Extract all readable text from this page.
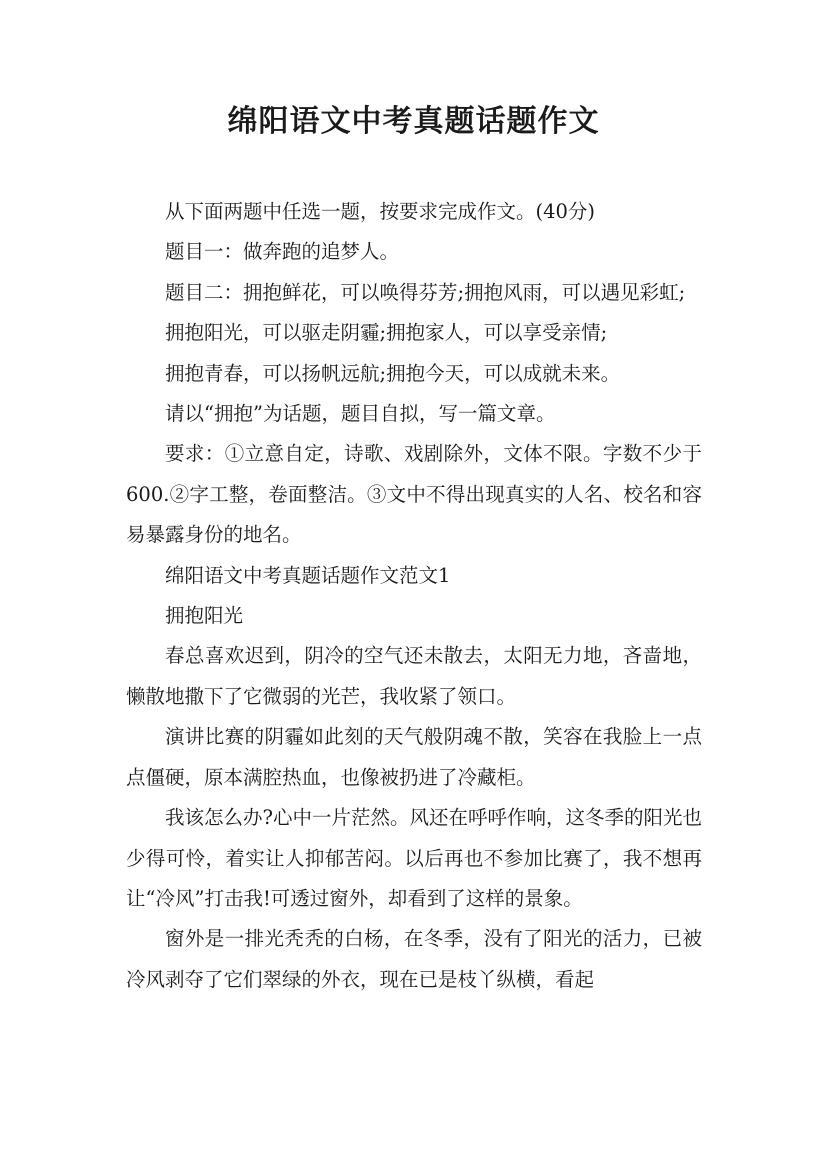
绵阳语文中考真题话题作文

从下面两题中任选一题，按要求完成作文。(40分)

题目一：做奔跑的追梦人。

题目二：拥抱鲜花，可以唤得芬芳;拥抱风雨，可以遇见彩虹;

拥抱阳光，可以驱走阴霾;拥抱家人，可以享受亲情;

拥抱青春，可以扬帆远航;拥抱今天，可以成就未来。

请以“拥抱”为话题，题目自拟，写一篇文章。

要求：①立意自定，诗歌、戏剧除外，文体不限。字数不少于600.②字工整，卷面整洁。③文中不得出现真实的人名、校名和容易暴露身份的地名。

绵阳语文中考真题话题作文范文1

拥抱阳光

春总喜欢迟到，阴冷的空气还未散去，太阳无力地，吝啬地，懒散地撒下了它微弱的光芒，我收紧了领口。

演讲比赛的阴霾如此刻的天气般阴魂不散，笑容在我脸上一点点僵硬，原本满腔热血，也像被扔进了冷藏柜。

我该怎么办?心中一片茫然。风还在呼呼作响，这冬季的阳光也少得可怜，着实让人抑郁苦闷。以后再也不参加比赛了，我不想再让“冷风”打击我!可透过窗外，却看到了这样的景象。

窗外是一排光秃秃的白杨，在冬季，没有了阳光的活力，已被冷风剥夺了它们翠绿的外衣，现在已是枝丫纵横，看起
